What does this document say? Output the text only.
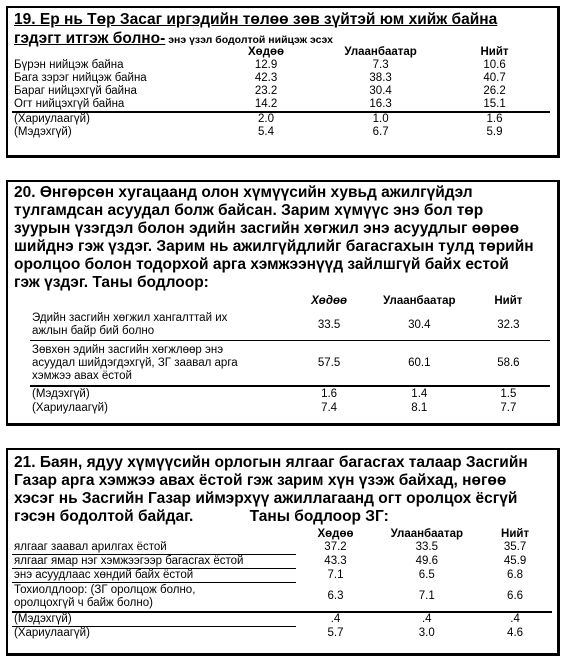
19. Ер нь Төр Засаг иргэдийн төлөө зөв зүйтэй юм хийж байна
гэдэгт итгэж болно- энэ үзэл бодолтой нийцэж эсэх
	Хөдөө	Улаанбаатар	Нийт
Бүрэн нийцэж байна	12.9	7.3	10.6
Бага зэрэг нийцэж байна	42.3	38.3	40.7
Бараг нийцэхгүй байна	23.2	30.4	26.2
Огт нийцэхгүй байна	14.2	16.3	15.1
(Хариулаагүй)	2.0	1.0	1.6
(Мэдэхгүй)	5.4	6.7	5.9
20. Өнгөрсөн хугацаанд олон хүмүүсийн хувьд ажилгүйдэл
тулгамдсан асуудал болж байсан. Зарим хүмүүс энэ бол төр
зуурын үзэгдэл болон эдийн засгийн хөгжил энэ асуудлыг өөрөө
шийднэ гэж үздэг. Зарим нь ажилгүйдлийг багасгахын тулд төрийн
оролцоо болон тодорхой арга хэмжээнүүд зайлшгүй байх естой
гэж үздэг. Таны бодлоор:
	Хөдөө	Улаанбаатар	Нийт

Эдийн засгийн хөгжил хангалттай их
ажлын байр бий болно	33.5	30.4	32.3

Зөвхөн эдийн засгийн хөгжлөөр энэ
асуудал шийдэгдэхгүй, ЗГ заавал арга
хэмжээ авах ёстой	57.5	60.1	58.6
(Мэдэхгүй)	1.6	1.4	1.5
(Хариулаагүй)	7.4	8.1	7.7
21. Баян, ядуу хүмүүсийн орлогын ялгааг багасгах талаар Засгийн
Газар арга хэмжээ авах ёстой гэж зарим хүн үзэж байхад, нөгөө
хэсэг нь Засгийн Газар иймэрхүү ажиллагаанд огт оролцох ёсгүй
гэсэн бодолтой байдаг.	Таны бодлоор ЗГ:
	Хөдөө	Улаанбаатар	Нийт
ялгааг заавал арилгах ёстой	37.2	33.5	35.7
ялгааг ямар нэг хэмжээгээр багасгах ёстой	43.3	49.6	45.9
энэ асуудлаас хөндий байх ёстой	7.1	6.5	6.8

Тохиолдлоор: (ЗГ оролцож болно,
оролцохгүй ч байж болно)	6.3	7.1	6.6
(Мэдэхгүй)	.4	.4	.4
(Хариулаагүй)	5.7	3.0	4.6
